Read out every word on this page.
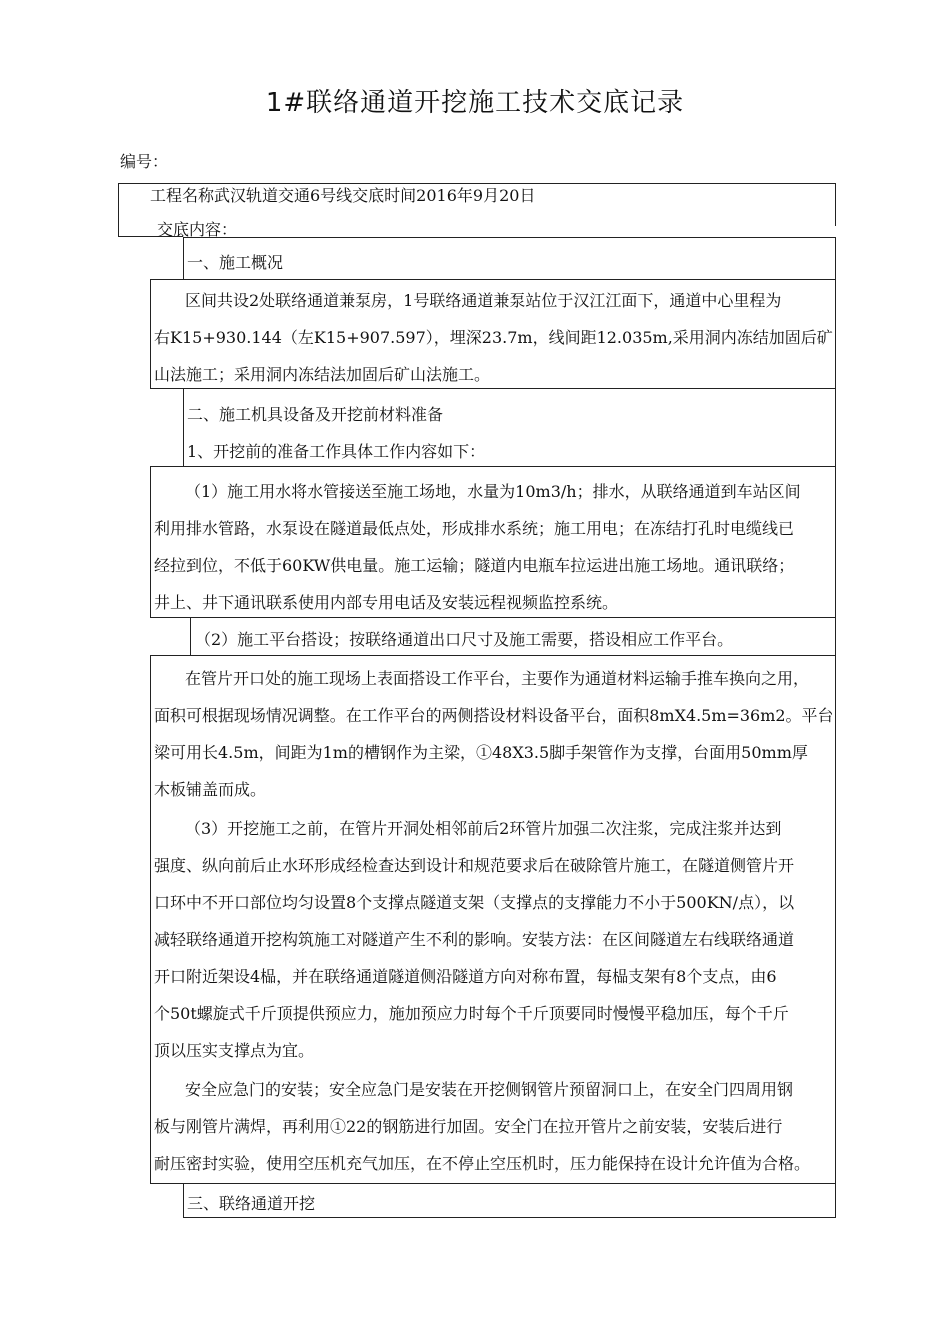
1#联络通道开挖施工技术交底记录
编号：
工程名称武汉轨道交通6号线交底时间2016年9月20日
交底内容：
一、施工概况
区间共设2处联络通道兼泵房，1号联络通道兼泵站位于汉江江面下，通道中心里程为
右K15+930.144（左K15+907.597），埋深23.7m，线间距12.035m,采用洞内冻结加固后矿
山法施工；采用洞内冻结法加固后矿山法施工。
二、施工机具设备及开挖前材料准备
1、开挖前的准备工作具体工作内容如下：
（1）施工用水将水管接送至施工场地，水量为10m3/h；排水，从联络通道到车站区间
利用排水管路，水泵设在隧道最低点处，形成排水系统；施工用电；在冻结打孔时电缆线已
经拉到位，不低于60KW供电量。施工运输；隧道内电瓶车拉运进出施工场地。通讯联络；
井上、井下通讯联系使用内部专用电话及安装远程视频监控系统。
（2）施工平台搭设；按联络通道出口尺寸及施工需要，搭设相应工作平台。
在管片开口处的施工现场上表面搭设工作平台，主要作为通道材料运输手推车换向之用，
面积可根据现场情况调整。在工作平台的两侧搭设材料设备平台，面积8mX4.5m=36m2。平台
梁可用长4.5m，间距为1m的槽钢作为主梁，①48X3.5脚手架管作为支撑，台面用50mm厚
木板铺盖而成。
（3）开挖施工之前，在管片开洞处相邻前后2环管片加强二次注浆，完成注浆并达到
强度、纵向前后止水环形成经检查达到设计和规范要求后在破除管片施工，在隧道侧管片开
口环中不开口部位均匀设置8个支撑点隧道支架（支撑点的支撑能力不小于500KN/点），以
减轻联络通道开挖构筑施工对隧道产生不利的影响。安装方法：在区间隧道左右线联络通道
开口附近架设4榀，并在联络通道隧道侧沿隧道方向对称布置，每榀支架有8个支点，由6
个50t螺旋式千斤顶提供预应力，施加预应力时每个千斤顶要同时慢慢平稳加压，每个千斤
顶以压实支撑点为宜。
安全应急门的安装；安全应急门是安装在开挖侧钢管片预留洞口上，在安全门四周用钢
板与刚管片满焊，再利用①22的钢筋进行加固。安全门在拉开管片之前安装，安装后进行
耐压密封实验，使用空压机充气加压，在不停止空压机时，压力能保持在设计允许值为合格。
三、联络通道开挖
